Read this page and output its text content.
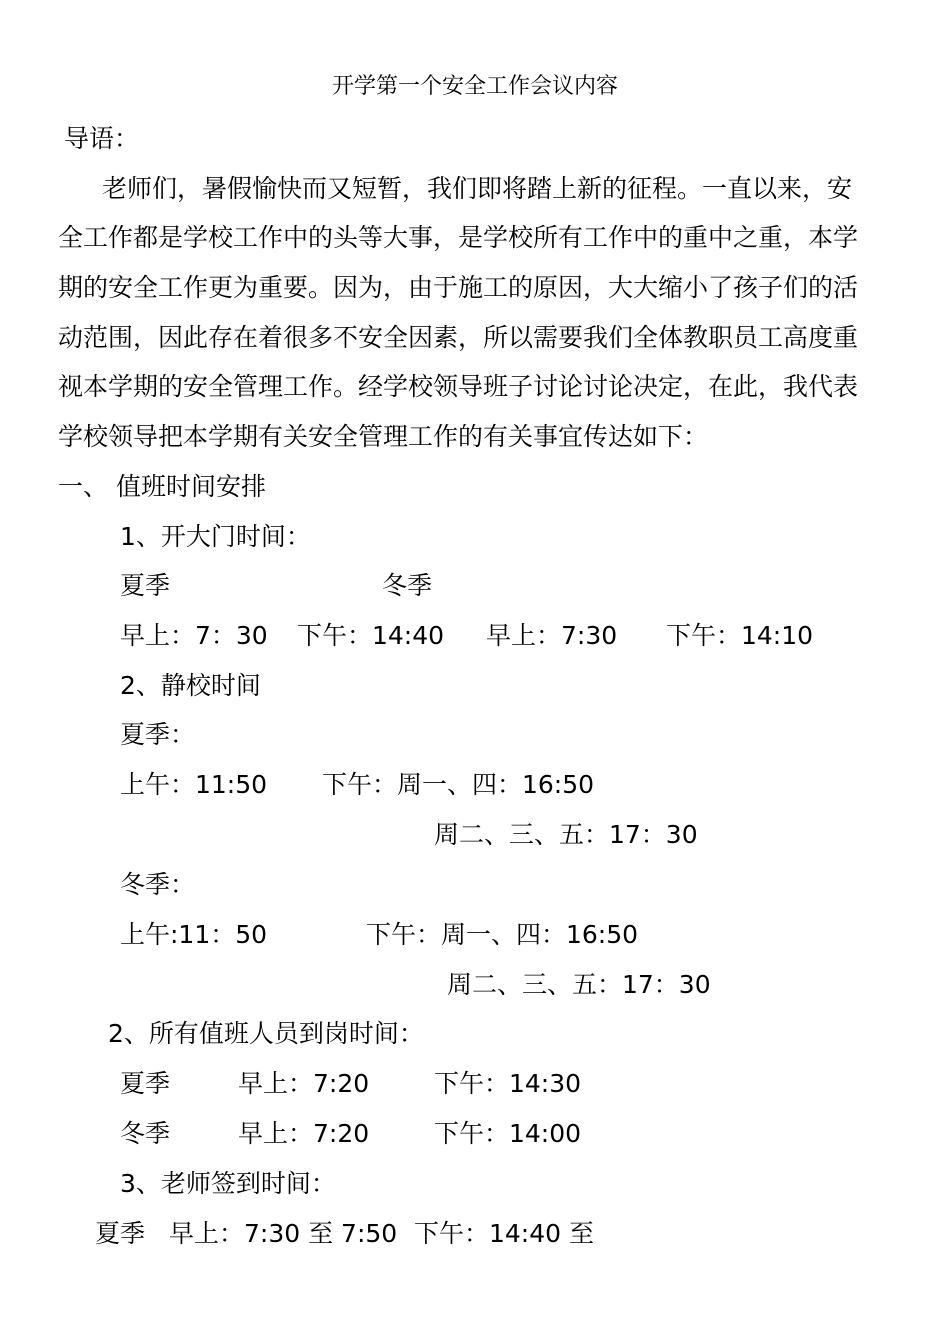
开学第一个安全工作会议内容
导语：
老师们，暑假愉快而又短暂，我们即将踏上新的征程。一直以来，安
全工作都是学校工作中的头等大事，是学校所有工作中的重中之重，本学
期的安全工作更为重要。因为，由于施工的原因，大大缩小了孩子们的活
动范围，因此存在着很多不安全因素，所以需要我们全体教职员工高度重
视本学期的安全管理工作。经学校领导班子讨论讨论决定，在此，我代表
学校领导把本学期有关安全管理工作的有关事宜传达如下：
一、 值班时间安排
1、开大门时间：
夏季	冬季
早上：7：30 下午：14:40 早上：7:30 下午：14:10
2、静校时间
夏季：
上午：11:50 下午：周一、四：16:50
周二、三、五：17：30
冬季：
上午:11：50	下午：周一、四：16:50
周二、三、五：17：30
2、所有值班人员到岗时间：
夏季	早上：7:20	下午：14:30
冬季	早上：7:20	下午：14:00
3、老师签到时间：
夏季 早上：7:30 至 7:50 下午：14:40 至
